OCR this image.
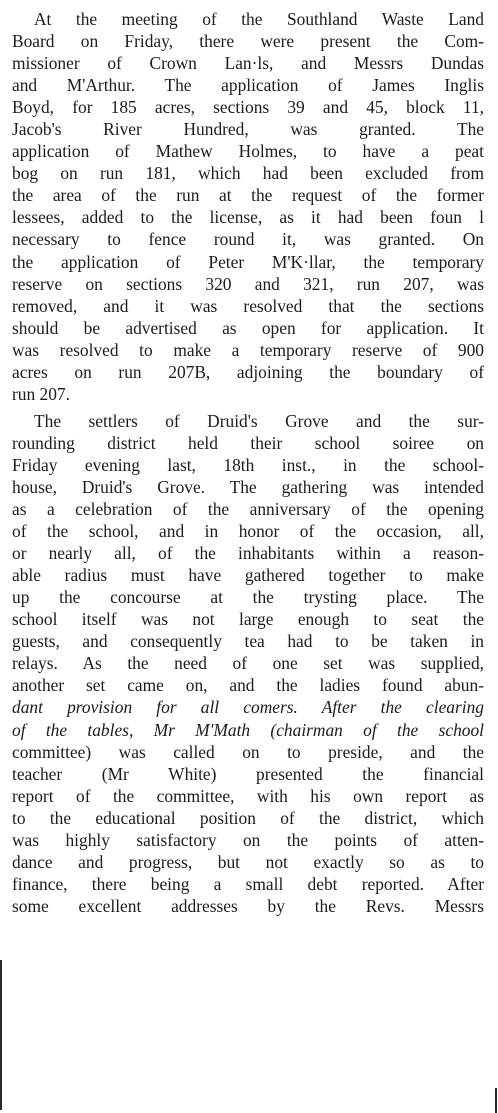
At the meeting of the Southland Waste Land
Board on Friday, there were present the Com-
missioner of Crown Lan·ls, and Messrs Dundas
and M'Arthur. The application of James Inglis
Boyd, for 185 acres, sections 39 and 45, block 11,
Jacob's River Hundred, was granted. The
application of Mathew Holmes, to have a peat
bog on run 181, which had been excluded from
the area of the run at the request of the former
lessees, added to the license, as it had been foun l
necessary to fence round it, was granted. On
the application of Peter M'K·llar, the temporary
reserve on sections 320 and 321, run 207, was
removed, and it was resolved that the sections
should be advertised as open for application. It
was resolved to make a temporary reserve of 900
acres on run 207B, adjoining the boundary of
run 207.
The settlers of Druid's Grove and the sur-
rounding district held their school soiree on
Friday evening last, 18th inst., in the school-
house, Druid's Grove. The gathering was intended
as a celebration of the anniversary of the opening
of the school, and in honor of the occasion, all,
or nearly all, of the inhabitants within a reason-
able radius must have gathered together to make
up the concourse at the trysting place. The
school itself was not large enough to seat the
guests, and consequently tea had to be taken in
relays. As the need of one set was supplied,
another set came on, and the ladies found abun-
dant provision for all comers. After the clearing
of the tables, Mr M'Math (chairman of the school
committee) was called on to preside, and the
teacher (Mr White) presented the financial
report of the committee, with his own report as
to the educational position of the district, which
was highly satisfactory on the points of atten-
dance and progress, but not exactly so as to
finance, there being a small debt reported. After
some excellent addresses by the Revs. Messrs
